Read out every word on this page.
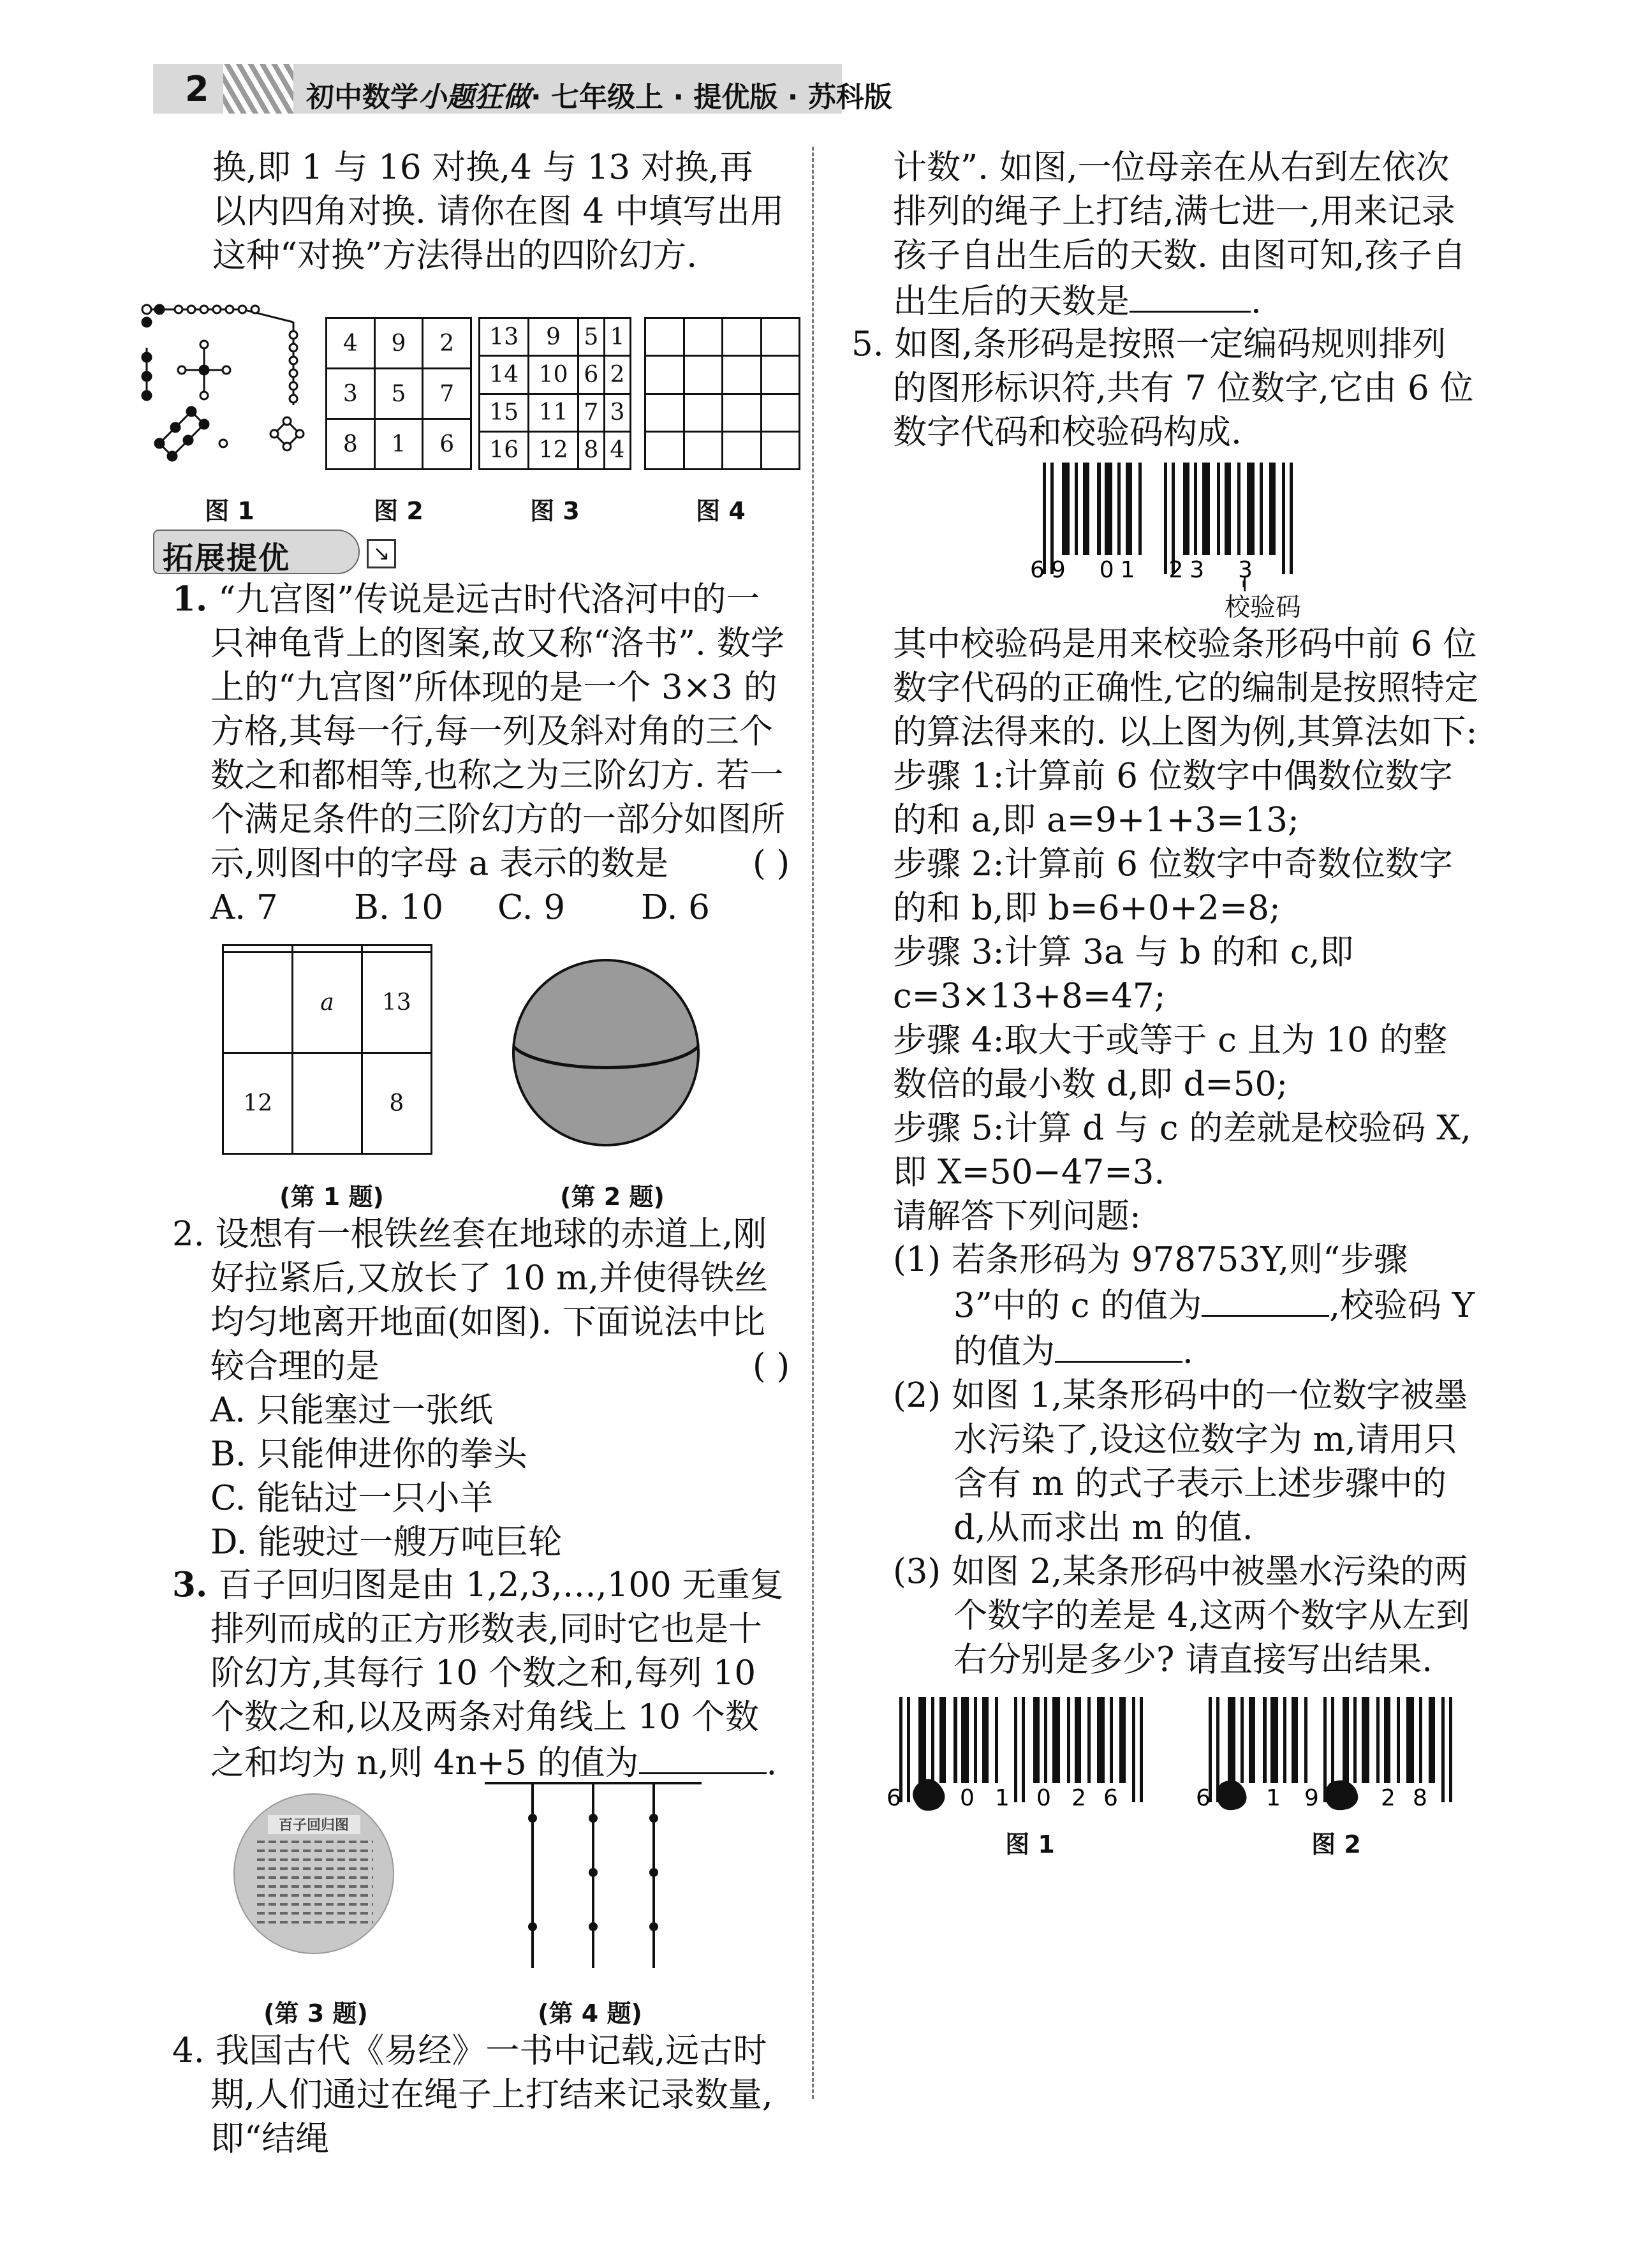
2	初中数学小题狂做· 七年级上 · 提优版 · 苏科版

换,即 1 与 16 对换,4 与 13 对换,再以内四角对换. 请你在图 4 中填写出用这种“对换”方法得出的四阶幻方.

4	9	2
3	5	7
8	1	6
13	9	5	1
14	10	6	2
15	11	7	3
16	12	8	4

图 1	图 2	图 3	图 4
拓展提优	↘

1. “九宫图”传说是远古时代洛河中的一只神龟背上的图案,故又称“洛书”. 数学上的“九宫图”所体现的是一个 3×3 的方格,其每一行,每一列及斜对角的三个数之和都相等,也称之为三阶幻方. 若一个满足条件的三阶幻方的一部分如图所示,则图中的字母 a 表示的数是 ( )

A. 7 B. 10 C. 9 D. 6

	a	13
12		8
(第 1 题)	(第 2 题)

2. 设想有一根铁丝套在地球的赤道上,刚好拉紧后,又放长了 10 m,并使得铁丝均匀地离开地面(如图). 下面说法中比较合理的是	( )

A. 只能塞过一张纸

B. 只能伸进你的拳头

C. 能钻过一只小羊

D. 能驶过一艘万吨巨轮

3. 百子回归图是由 1,2,3,…,100 无重复排列而成的正方形数表,同时它也是十阶幻方,其每行 10 个数之和,每列 10 个数之和,以及两条对角线上 10 个数之和均为 n,则 4n+5 的值为	.

百子回归图
(第 3 题)	(第 4 题)

4. 我国古代《易经》一书中记载,远古时期,人们通过在绳子上打结来记录数量,即“结绳

计数”. 如图,一位母亲在从右到左依次排列的绳子上打结,满七进一,用来记录孩子自出生后的天数. 由图可知,孩子自出生后的天数是	.

5. 如图,条形码是按照一定编码规则排列的图形标识符,共有 7 位数字,它由 6 位数字代码和校验码构成.

69  01  23  3
校验码

其中校验码是用来校验条形码中前 6 位数字代码的正确性,它的编制是按照特定的算法得来的. 以上图为例,其算法如下:

步骤 1:计算前 6 位数字中偶数位数字的和 a,即 a=9+1+3=13;

步骤 2:计算前 6 位数字中奇数位数字的和 b,即 b=6+0+2=8;

步骤 3:计算 3a 与 b 的和 c,即 c=3×13+8=47;

步骤 4:取大于或等于 c 且为 10 的整数倍的最小数 d,即 d=50;

步骤 5:计算 d 与 c 的差就是校验码 X,即 X=50−47=3.

请解答下列问题:

(1) 若条形码为 978753Y,则“步骤 3”中的 c 的值为	,校验码 Y 的值为	.

(2) 如图 1,某条形码中的一位数字被墨水污染了,设这位数字为 m,请用只含有 m 的式子表示上述步骤中的 d,从而求出 m 的值.

(3) 如图 2,某条形码中被墨水污染的两个数字的差是 4,这两个数字从左到右分别是多少? 请直接写出结果.

6	0 1 0 2 6	6 1 9	2 8
图 1	图 2
